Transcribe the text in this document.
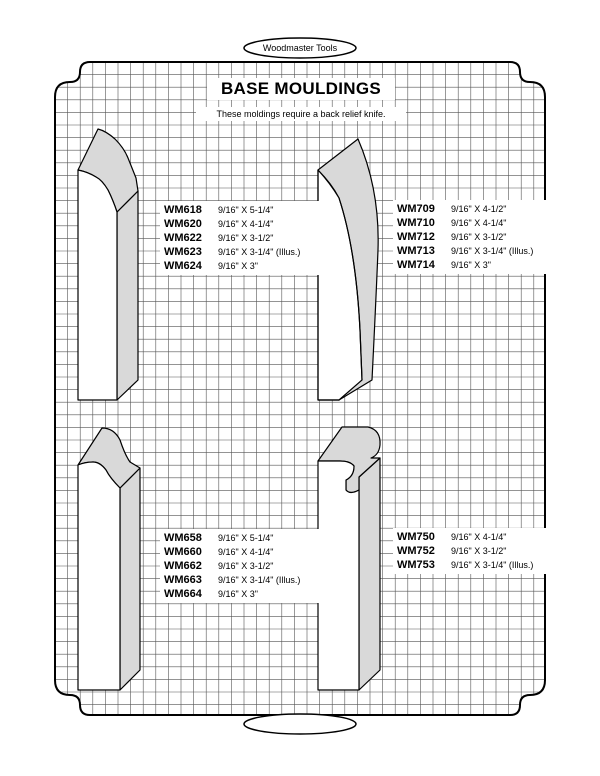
Woodmaster Tools
BASE MOULDINGS
These moldings require a back relief knife.
WM618	9/16" X 5-1/4"
WM620	9/16" X 4-1/4"
WM622	9/16" X 3-1/2"
WM623	9/16" X 3-1/4" (Illus.)
WM624	9/16" X 3"
WM709	9/16" X 4-1/2"
WM710	9/16" X 4-1/4"
WM712	9/16" X 3-1/2"
WM713	9/16" X 3-1/4" (Illus.)
WM714	9/16" X 3"
WM658	9/16" X 5-1/4"
WM660	9/16" X 4-1/4"
WM662	9/16" X 3-1/2"
WM663	9/16" X 3-1/4" (Illus.)
WM664	9/16" X 3"
WM750	9/16" X 4-1/4"
WM752	9/16" X 3-1/2"
WM753	9/16" X 3-1/4" (Illus.)
